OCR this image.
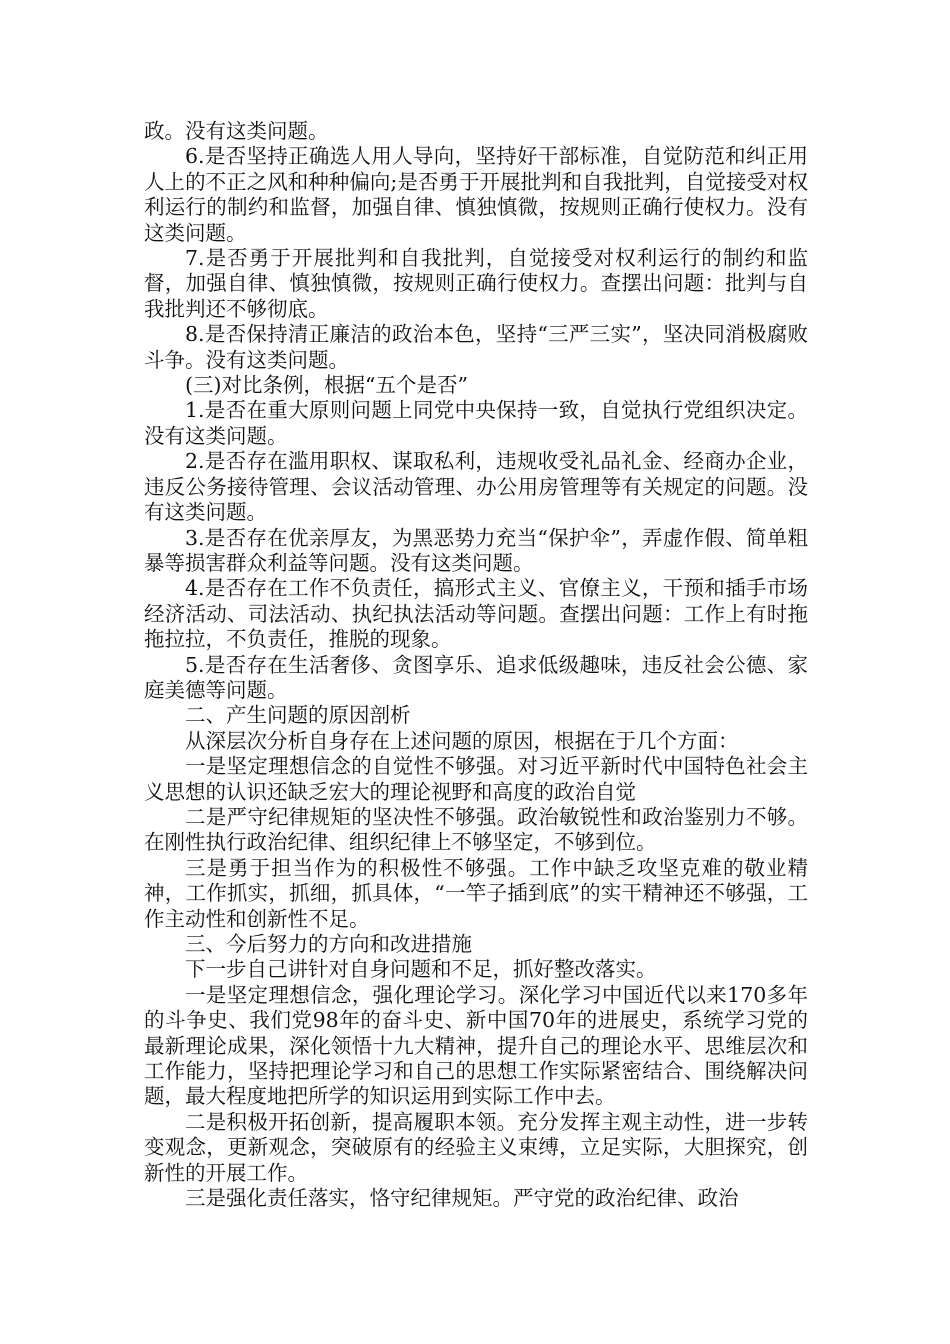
政。没有这类问题。

6.是否坚持正确选人用人导向，坚持好干部标准，自觉防范和纠正用人上的不正之风和种种偏向;是否勇于开展批判和自我批判，自觉接受对权利运行的制约和监督，加强自律、慎独慎微，按规则正确行使权力。没有这类问题。

7.是否勇于开展批判和自我批判，自觉接受对权利运行的制约和监督，加强自律、慎独慎微，按规则正确行使权力。查摆出问题：批判与自我批判还不够彻底。

8.是否保持清正廉洁的政治本色，坚持“三严三实”，坚决同消极腐败斗争。没有这类问题。

(三)对比条例，根据“五个是否”

1.是否在重大原则问题上同党中央保持一致，自觉执行党组织决定。没有这类问题。

2.是否存在滥用职权、谋取私利，违规收受礼品礼金、经商办企业，违反公务接待管理、会议活动管理、办公用房管理等有关规定的问题。没有这类问题。

3.是否存在优亲厚友，为黑恶势力充当“保护伞”，弄虚作假、简单粗暴等损害群众利益等问题。没有这类问题。

4.是否存在工作不负责任，搞形式主义、官僚主义，干预和插手市场经济活动、司法活动、执纪执法活动等问题。查摆出问题：工作上有时拖拖拉拉，不负责任，推脱的现象。

5.是否存在生活奢侈、贪图享乐、追求低级趣味，违反社会公德、家庭美德等问题。

二、产生问题的原因剖析

从深层次分析自身存在上述问题的原因，根据在于几个方面：

一是坚定理想信念的自觉性不够强。对习近平新时代中国特色社会主义思想的认识还缺乏宏大的理论视野和高度的政治自觉

二是严守纪律规矩的坚决性不够强。政治敏锐性和政治鉴别力不够。在刚性执行政治纪律、组织纪律上不够坚定，不够到位。

三是勇于担当作为的积极性不够强。工作中缺乏攻坚克难的敬业精神，工作抓实，抓细，抓具体，“一竿子插到底”的实干精神还不够强，工作主动性和创新性不足。

三、今后努力的方向和改进措施

下一步自己讲针对自身问题和不足，抓好整改落实。

一是坚定理想信念，强化理论学习。深化学习中国近代以来170多年的斗争史、我们党98年的奋斗史、新中国70年的进展史，系统学习党的最新理论成果，深化领悟十九大精神，提升自己的理论水平、思维层次和工作能力，坚持把理论学习和自己的思想工作实际紧密结合、围绕解决问题，最大程度地把所学的知识运用到实际工作中去。

二是积极开拓创新，提高履职本领。充分发挥主观主动性，进一步转变观念，更新观念，突破原有的经验主义束缚，立足实际，大胆探究，创新性的开展工作。

三是强化责任落实，恪守纪律规矩。严守党的政治纪律、政治
